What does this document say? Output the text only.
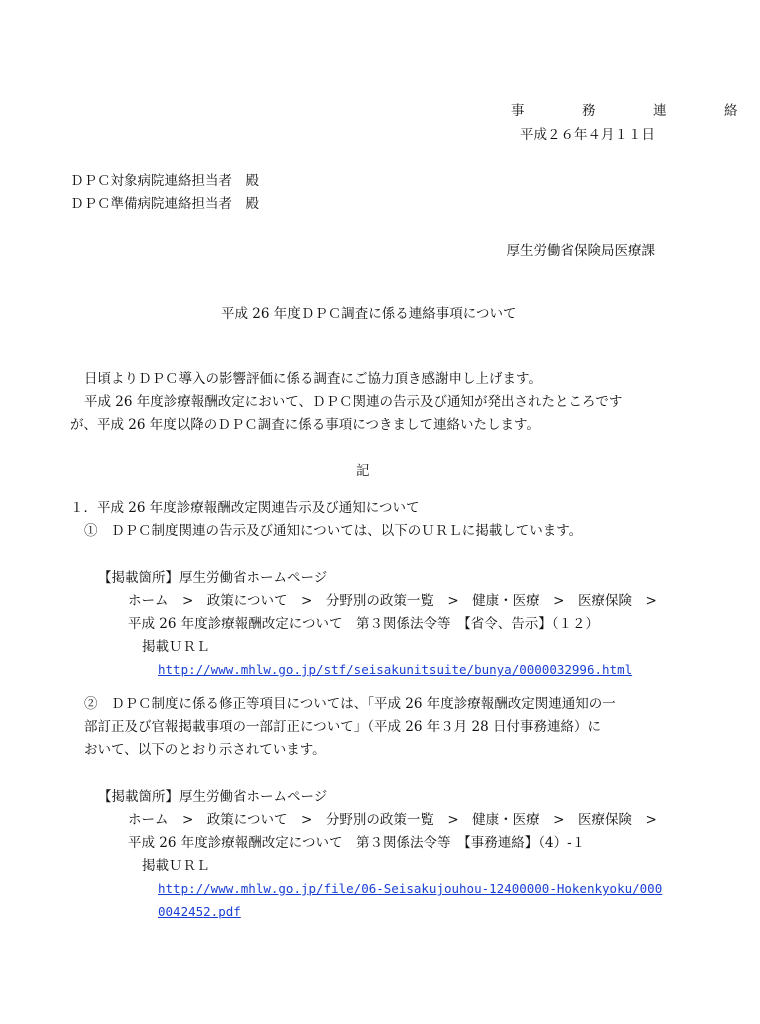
事　務　連　絡
平成２６年４月１１日
ＤＰＣ対象病院連絡担当者　殿
ＤＰＣ準備病院連絡担当者　殿
厚生労働省保険局医療課
平成 26 年度ＤＰＣ調査に係る連絡事項について
日頃よりＤＰＣ導入の影響評価に係る調査にご協力頂き感謝申し上げます。
平成 26 年度診療報酬改定において、ＤＰＣ関連の告示及び通知が発出されたところです
が、平成 26 年度以降のＤＰＣ調査に係る事項につきまして連絡いたします。
記
１．平成 26 年度診療報酬改定関連告示及び通知について
①　ＤＰＣ制度関連の告示及び通知については、以下のＵＲＬに掲載しています。
【掲載箇所】厚生労働省ホームページ
ホーム　>　政策について　>　分野別の政策一覧　>　健康・医療　>　医療保険　>
平成 26 年度診療報酬改定について　第３関係法令等　【省令、告示】（１２）
掲載ＵＲＬ
http://www.mhlw.go.jp/stf/seisakunitsuite/bunya/0000032996.html
②　ＤＰＣ制度に係る修正等項目については、「平成 26 年度診療報酬改定関連通知の一
部訂正及び官報掲載事項の一部訂正について」（平成 26 年３月 28 日付事務連絡）に
おいて、以下のとおり示されています。
【掲載箇所】厚生労働省ホームページ
ホーム　>　政策について　>　分野別の政策一覧　>　健康・医療　>　医療保険　>
平成 26 年度診療報酬改定について　第３関係法令等　【事務連絡】（4）-１
掲載ＵＲＬ
http://www.mhlw.go.jp/file/06-Seisakujouhou-12400000-Hokenkyoku/000
0042452.pdf
